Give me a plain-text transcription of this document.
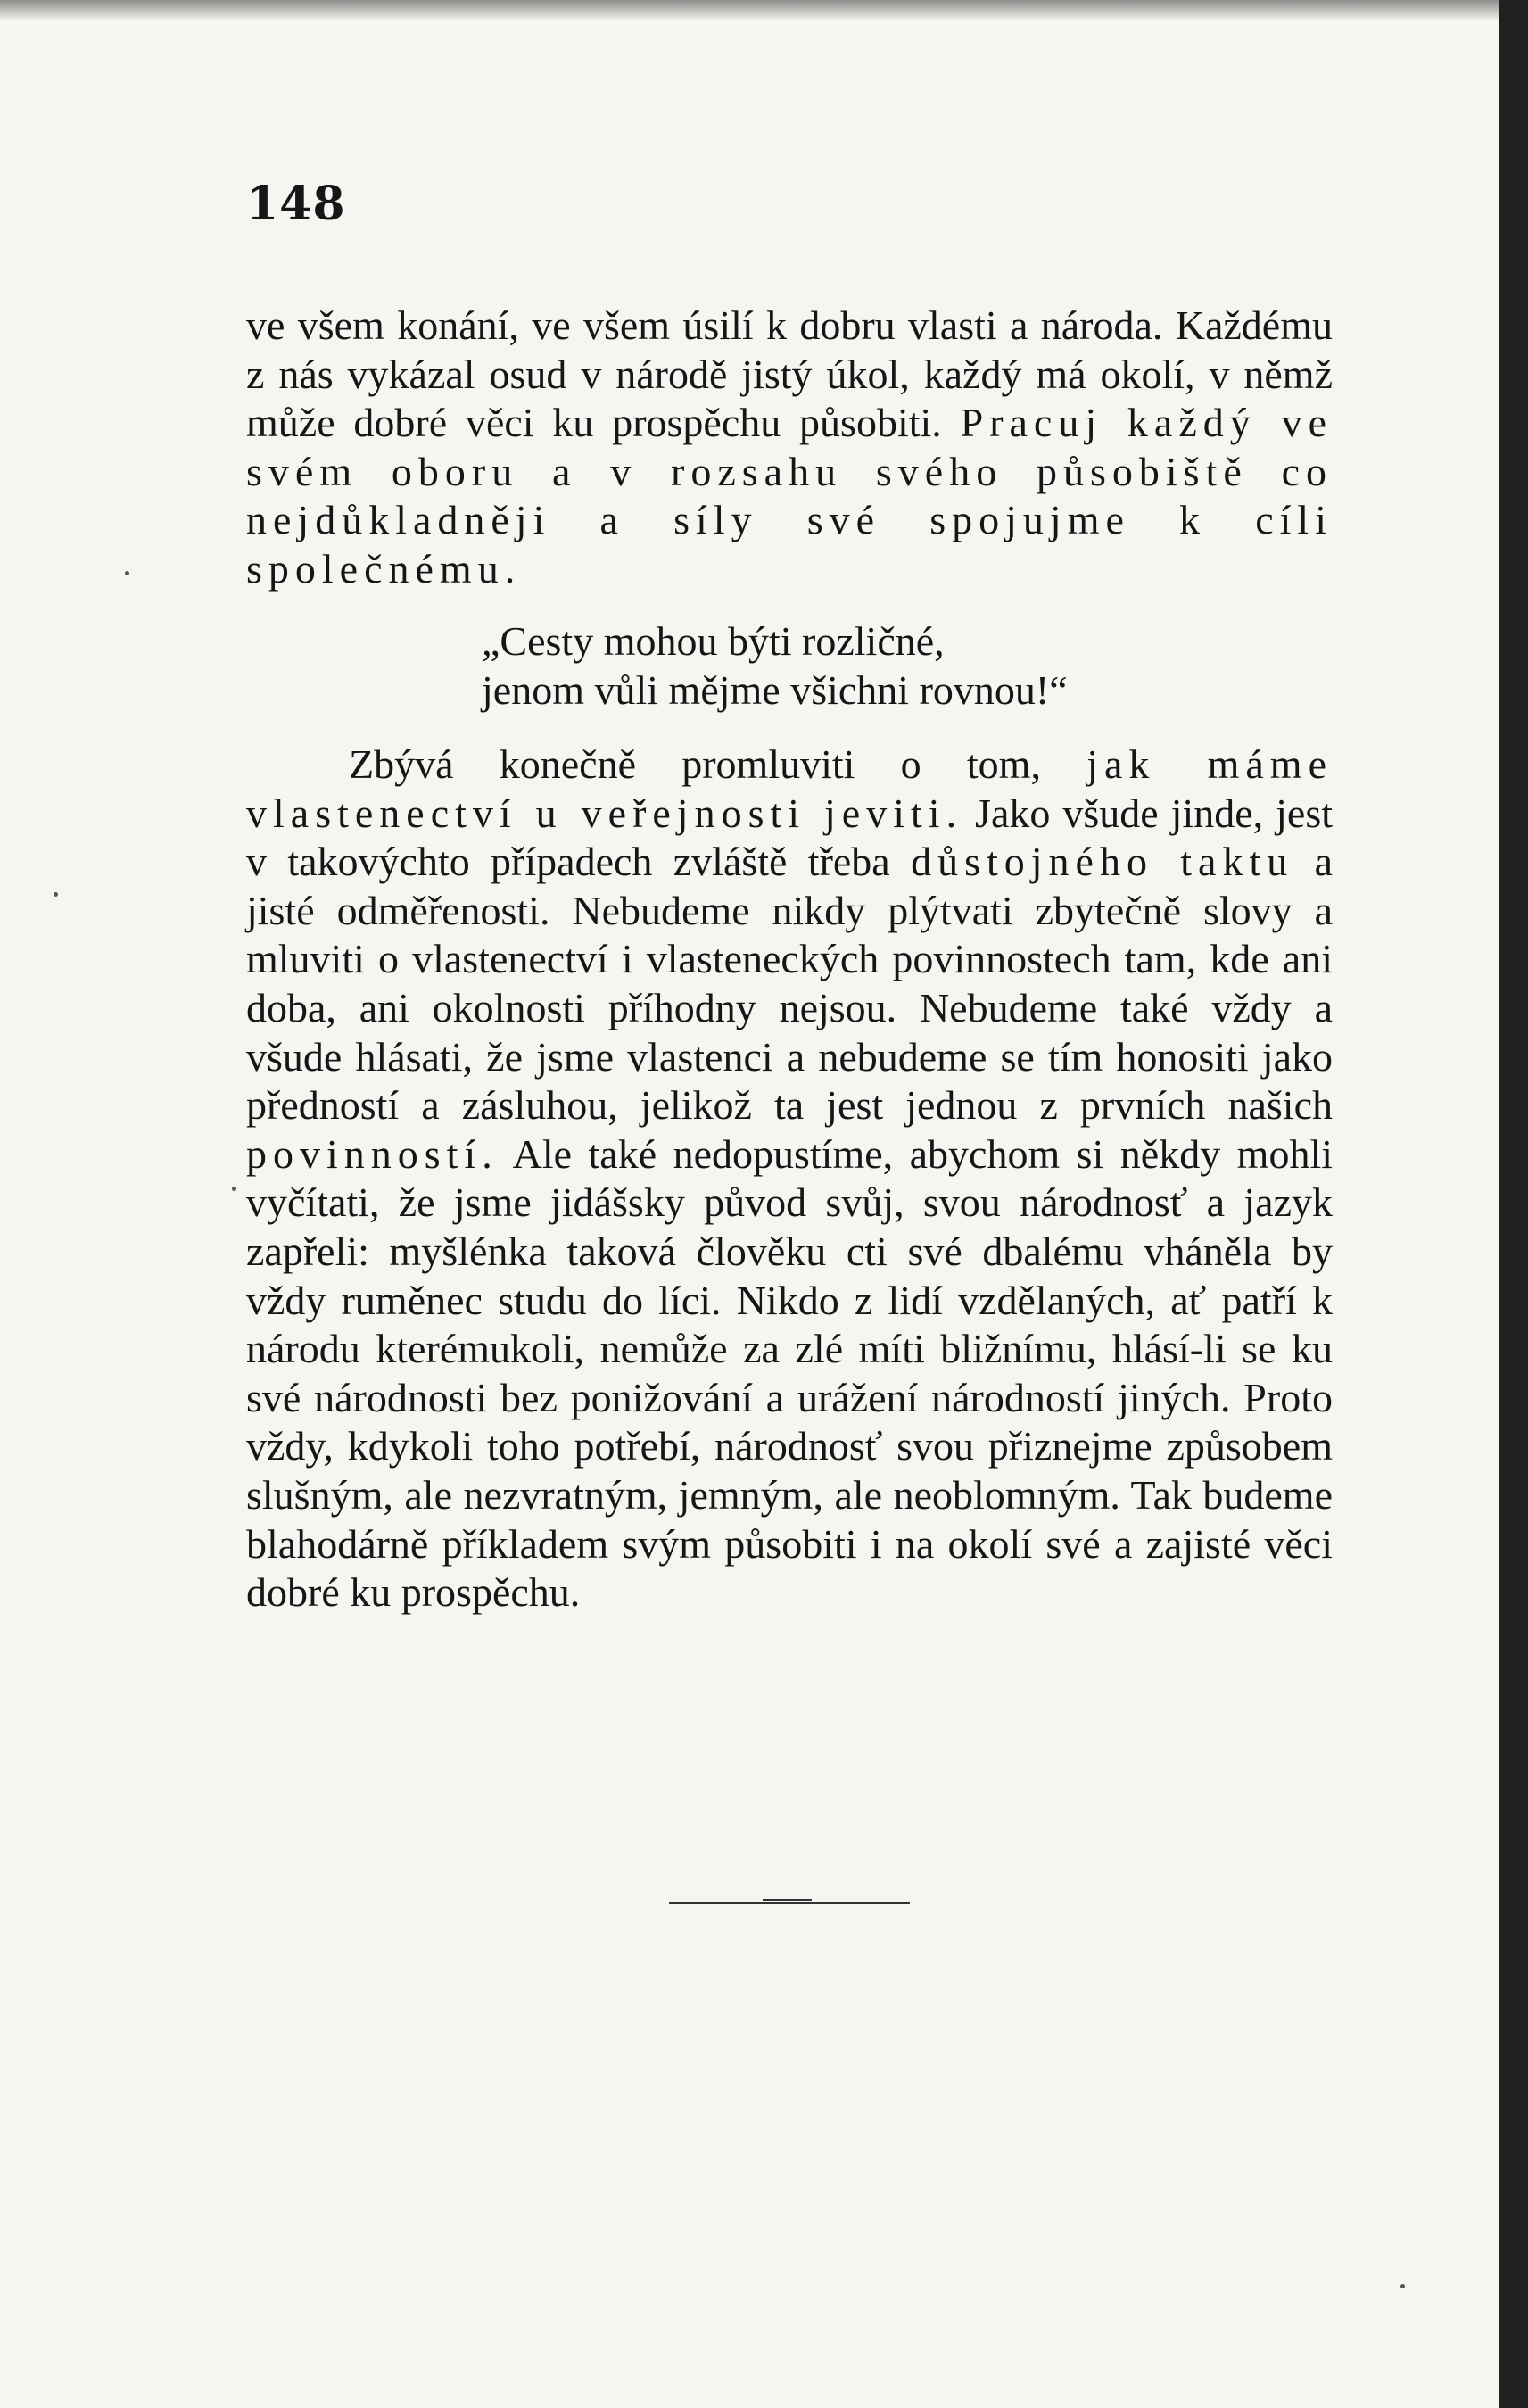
148

ve všem konání, ve všem úsilí k dobru vlasti a národa. Každému z nás vykázal osud v národě jistý úkol, každý má okolí, v němž může dobré věci ku prospěchu působiti. Pracuj každý ve svém oboru a v rozsahu svého působiště co nejdůkladněji a síly své spojujme k cíli společnému.

„Cesty mohou býti rozličné,
jenom vůli mějme všichni rovnou!“

Zbývá konečně promluviti o tom, jak máme vlastenectví u veřejnosti jeviti. Jako všude jinde, jest v takovýchto případech zvláště třeba důstojného taktu a jisté odměřenosti. Nebudeme nikdy plýtvati zbytečně slovy a mluviti o vlastenectví i vlasteneckých povinnostech tam, kde ani doba, ani okolnosti příhodny nejsou. Nebudeme také vždy a všude hlásati, že jsme vlastenci a nebudeme se tím honositi jako předností a zásluhou, jelikož ta jest jednou z prvních našich povinností. Ale také nedopustíme, abychom si někdy mohli vyčítati, že jsme jidášsky původ svůj, svou národnosť a jazyk zapřeli: myšlénka taková člověku cti své dbalému vháněla by vždy ruměnec studu do líci. Nikdo z lidí vzdělaných, ať patří k národu kterémukoli, nemůže za zlé míti bližnímu, hlásí-li se ku své národnosti bez ponižování a urážení národností jiných. Proto vždy, kdykoli toho potřebí, národnosť svou přiznejme způsobem slušným, ale nezvratným, jemným, ale neoblomným. Tak budeme blahodárně příkladem svým působiti i na okolí své a zajisté věci dobré ku prospěchu.
